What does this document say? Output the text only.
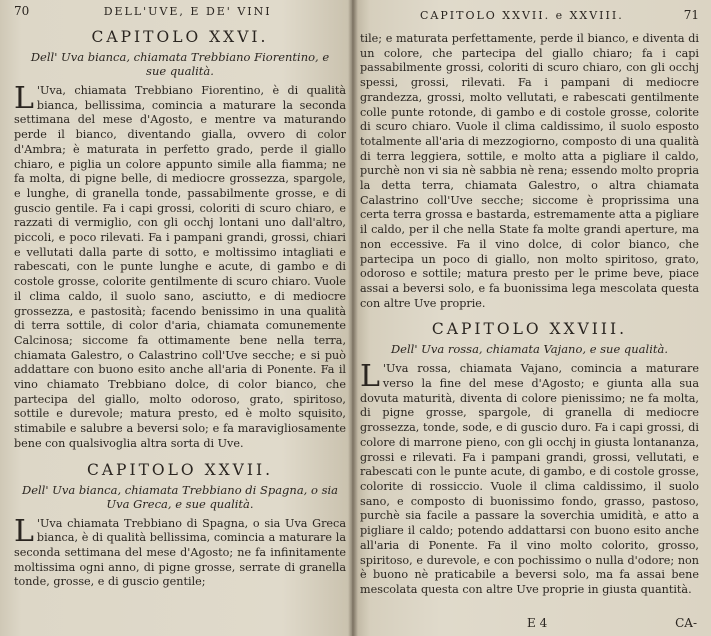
70	DELL'UVE, E DE' VINI
CAPITOLO XXVI.
Dell' Uva bianca, chiamata Trebbiano Fiorentino, e sue qualità.

L 'Uva, chiamata Trebbiano Fiorentino, è di qualità bianca, bellissima, comincia a maturare la seconda settimana del mese d'Agosto, e mentre va maturando perde il bianco, diventando gialla, ovvero di color d'Ambra; è maturata in perfetto grado, perde il giallo chiaro, e piglia un colore appunto simile alla fiamma; ne fa molta, di pigne belle, di mediocre grossezza, spargole, e lunghe, di granella tonde, passabilmente grosse, e di guscio gentile. Fa i capi grossi, coloriti di scuro chiaro, e razzati di vermiglio, con gli occhj lontani uno dall'altro, piccoli, e poco rilevati. Fa i pampani grandi, grossi, chiari e vellutati dalla parte di sotto, e moltissimo intagliati e rabescati, con le punte lunghe e acute, di gambo e di costole grosse, colorite gentilmente di scuro chiaro. Vuole il clima caldo, il suolo sano, asciutto, e di mediocre grossezza, e pastosità; facendo benissimo in una qualità di terra sottile, di color d'aria, chiamata comunemente Calcinosa; siccome fa ottimamente bene nella terra, chiamata Galestro, o Calastrino coll'Uve secche; e si può addattare con buono esito anche all'aria di Ponente. Fa il vino chiamato Trebbiano dolce, di color bianco, che partecipa del giallo, molto odoroso, grato, spiritoso, sottile e durevole; matura presto, ed è molto squisito, stimabile e salubre a beversi solo; e fa maravigliosamente bene con qualsivoglia altra sorta di Uve.

CAPITOLO XXVII.
Dell' Uva bianca, chiamata Trebbiano di Spagna, o sia Uva Greca, e sue qualità.

L 'Uva chiamata Trebbiano di Spagna, o sia Uva Greca bianca, è di qualità bellissima, comincia a maturare la seconda settimana del mese d'Agosto; ne fa infinitamente moltissima ogni anno, di pigne grosse, serrate di granella tonde, grosse, e di guscio gentile;

CAPITOLO XXVII. e XXVIII.	71

tile; e maturata perfettamente, perde il bianco, e diventa di un colore, che partecipa del giallo chiaro; fa i capi passabilmente grossi, coloriti di scuro chiaro, con gli occhj spessi, grossi, rilevati. Fa i pampani di mediocre grandezza, grossi, molto vellutati, e rabescati gentilmente colle punte rotonde, di gambo e di costole grosse, colorite di scuro chiaro. Vuole il clima caldissimo, il suolo esposto totalmente all'aria di mezzogiorno, composto di una qualità di terra leggiera, sottile, e molto atta a pigliare il caldo, purchè non vi sia nè sabbia nè rena; essendo molto propria la detta terra, chiamata Galestro, o altra chiamata Calastrino coll'Uve secche; siccome è proprissima una certa terra grossa e bastarda, estremamente atta a pigliare il caldo, per il che nella State fa molte grandi aperture, ma non eccessive. Fa il vino dolce, di color bianco, che partecipa un poco di giallo, non molto spiritoso, grato, odoroso e sottile; matura presto per le prime beve, piace assai a beversi solo, e fa buonissima lega mescolata questa con altre Uve proprie.

CAPITOLO XXVIII.
Dell' Uva rossa, chiamata Vajano, e sue qualità.

L 'Uva rossa, chiamata Vajano, comincia a maturare verso la fine del mese d'Agosto; e giunta alla sua dovuta maturità, diventa di colore pienissimo; ne fa molta, di pigne grosse, spargole, di granella di mediocre grossezza, tonde, sode, e di guscio duro. Fa i capi grossi, di colore di marrone pieno, con gli occhj in giusta lontananza, grossi e rilevati. Fa i pampani grandi, grossi, vellutati, e rabescati con le punte acute, di gambo, e di costole grosse, colorite di rossiccio. Vuole il clima caldissimo, il suolo sano, e composto di buonissimo fondo, grasso, pastoso, purchè sia facile a passare la soverchia umidità, e atto a pigliare il caldo; potendo addattarsi con buono esito anche all'aria di Ponente. Fa il vino molto colorito, grosso, spiritoso, e durevole, e con pochissimo o nulla d'odore; non è buono nè praticabile a beversi solo, ma fa assai bene mescolata questa con altre Uve proprie in giusta quantità.

E 4	CA-
